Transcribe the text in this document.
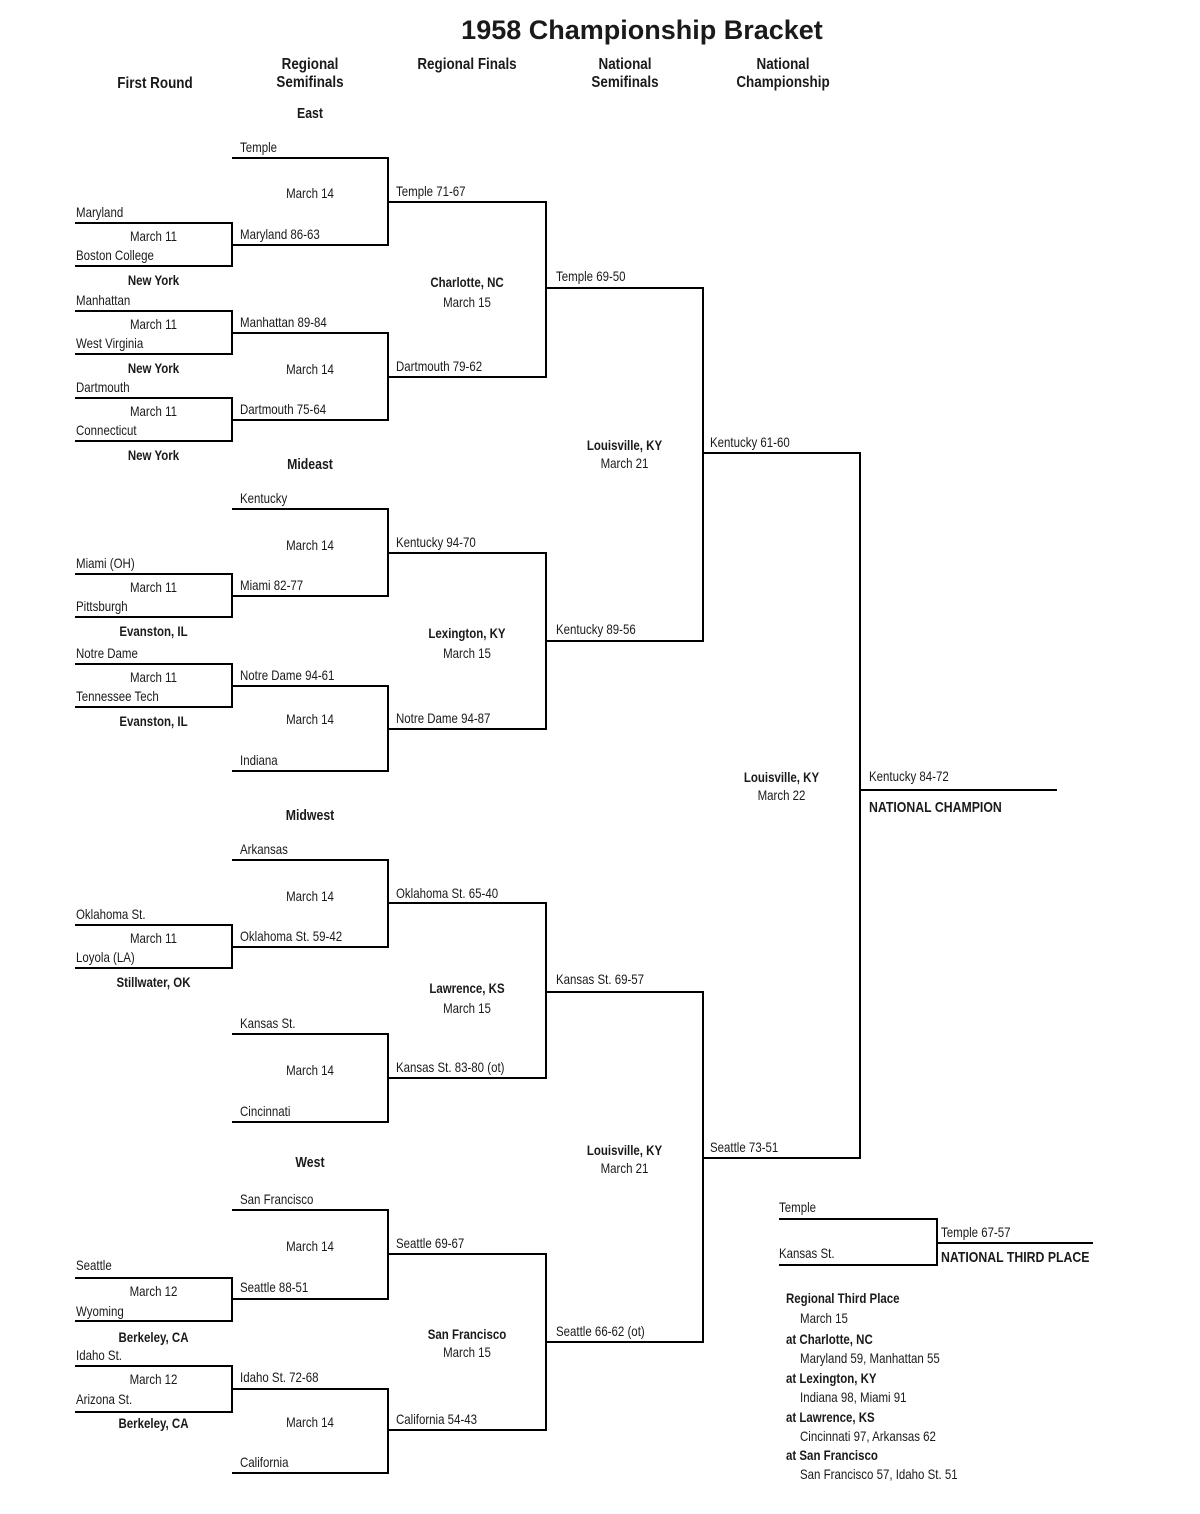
1958 Championship Bracket
First Round
Regional Semifinals
Regional Finals	National Semifinals
National Championship
East
Mideast
Midwest
West
Temple
Maryland
March 11
Boston College
New York
Maryland 86-63
March 14	Temple 71-67
Manhattan
March 11
West Virginia
New York
Manhattan 89-84
March 14
Dartmouth
March 11
Connecticut
New York
Dartmouth 75-64
Dartmouth 79-62
Charlotte, NC
March 15
Temple 69-50
Kentucky
Miami (OH)
March 11
Pittsburgh
Evanston, IL
Miami 82-77
March 14	Kentucky 94-70
Notre Dame
March 11
Tennessee Tech
Evanston, IL
Notre Dame 94-61
Indiana
March 14	Notre Dame 94-87
Lexington, KY
March 15
Kentucky 89-56
Arkansas
Oklahoma St.
March 11
Loyola (LA)
Stillwater, OK
Oklahoma St. 59-42
March 14	Oklahoma St. 65-40
Kansas St.
March 14
Cincinnati
Kansas St. 83-80 (ot)
Lawrence, KS
March 15
Kansas St. 69-57
San Francisco
Seattle
March 12
Wyoming
Berkeley, CA
Seattle 88-51
March 14	Seattle 69-67
Idaho St.
March 12
Arizona St.
Berkeley, CA
Idaho St. 72-68
California
March 14	California 54-43
San Francisco
March 15
Seattle 66-62 (ot)
Louisville, KY
March 21
Kentucky 61-60
Louisville, KY
March 21
Seattle 73-51
Louisville, KY
March 22
Kentucky 84-72
NATIONAL CHAMPION
Temple
Kansas St.
Temple 67-57
NATIONAL THIRD PLACE
Regional Third Place
March 15
at Charlotte, NC
Maryland 59, Manhattan 55
at Lexington, KY
Indiana 98, Miami 91
at Lawrence, KS
Cincinnati 97, Arkansas 62
at San Francisco
San Francisco 57, Idaho St. 51
